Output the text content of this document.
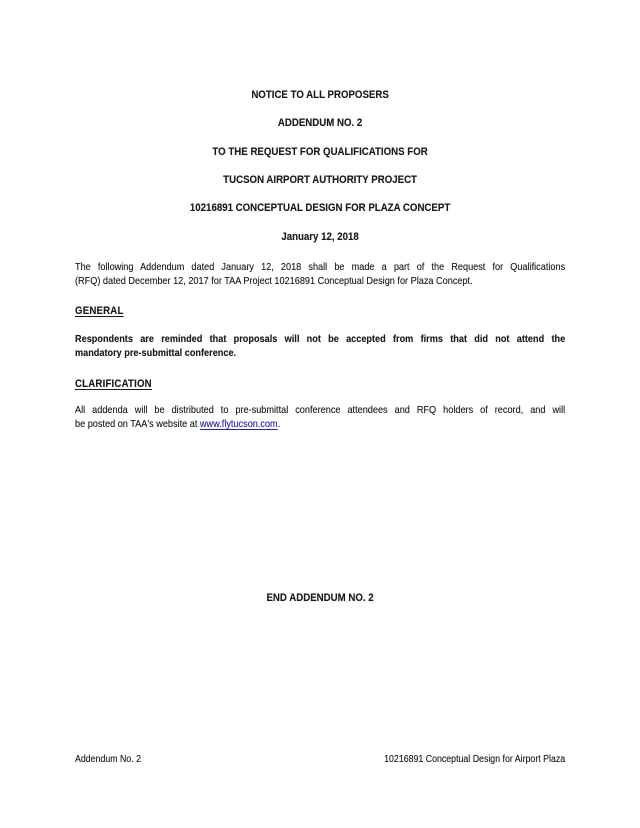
NOTICE TO ALL PROPOSERS
ADDENDUM NO. 2
TO THE REQUEST FOR QUALIFICATIONS FOR
TUCSON AIRPORT AUTHORITY PROJECT
10216891 CONCEPTUAL DESIGN FOR PLAZA CONCEPT
January 12, 2018
The following Addendum dated January 12, 2018 shall be made a part of the Request for Qualifications
(RFQ) dated December 12, 2017 for TAA Project 10216891 Conceptual Design for Plaza Concept.
GENERAL
Respondents are reminded that proposals will not be accepted from firms that did not attend the
mandatory pre-submittal conference.
CLARIFICATION
All addenda will be distributed to pre-submittal conference attendees and RFQ holders of record, and will
be posted on TAA's website at www.flytucson.com.
END ADDENDUM NO. 2
Addendum No. 2	10216891 Conceptual Design for Airport Plaza
